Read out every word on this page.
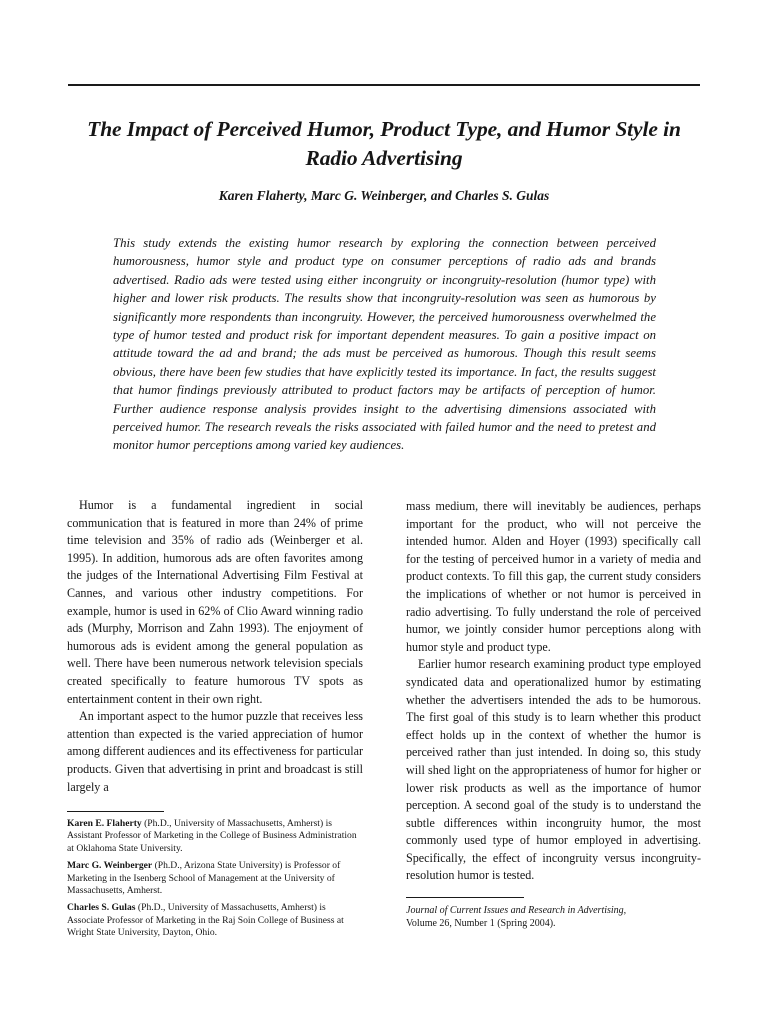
The Impact of Perceived Humor, Product Type, and Humor Style in Radio Advertising
Karen Flaherty, Marc G. Weinberger, and Charles S. Gulas

This study extends the existing humor research by exploring the connection between perceived humorousness, humor style and product type on consumer perceptions of radio ads and brands advertised. Radio ads were tested using either incongruity or incongruity-resolution (humor type) with higher and lower risk products. The results show that incongruity-resolution was seen as humorous by significantly more respondents than incongruity. However, the perceived humorousness overwhelmed the type of humor tested and product risk for important dependent measures. To gain a positive impact on attitude toward the ad and brand; the ads must be perceived as humorous. Though this result seems obvious, there have been few studies that have explicitly tested its importance. In fact, the results suggest that humor findings previously attributed to product factors may be artifacts of perception of humor. Further audience response analysis provides insight to the advertising dimensions associated with perceived humor. The research reveals the risks associated with failed humor and the need to pretest and monitor humor perceptions among varied key audiences.

Humor is a fundamental ingredient in social communication that is featured in more than 24% of prime time television and 35% of radio ads (Weinberger et al. 1995). In addition, humorous ads are often favorites among the judges of the International Advertising Film Festival at Cannes, and various other industry competitions. For example, humor is used in 62% of Clio Award winning radio ads (Murphy, Morrison and Zahn 1993). The enjoyment of humorous ads is evident among the general population as well. There have been numerous network television specials created specifically to feature humorous TV spots as entertainment content in their own right.

An important aspect to the humor puzzle that receives less attention than expected is the varied appreciation of humor among different audiences and its effectiveness for particular products. Given that advertising in print and broadcast is still largely a

mass medium, there will inevitably be audiences, perhaps important for the product, who will not perceive the intended humor. Alden and Hoyer (1993) specifically call for the testing of perceived humor in a variety of media and product contexts. To fill this gap, the current study considers the implications of whether or not humor is perceived in radio advertising. To fully understand the role of perceived humor, we jointly consider humor perceptions along with humor style and product type.

Earlier humor research examining product type employed syndicated data and operationalized humor by estimating whether the advertisers intended the ads to be humorous. The first goal of this study is to learn whether this product effect holds up in the context of whether the humor is perceived rather than just intended. In doing so, this study will shed light on the appropriateness of humor for higher or lower risk products as well as the importance of humor perception. A second goal of the study is to understand the subtle differences within incongruity humor, the most commonly used type of humor employed in advertising. Specifically, the effect of incongruity versus incongruity-resolution humor is tested.

Karen E. Flaherty (Ph.D., University of Massachusetts, Amherst) is Assistant Professor of Marketing in the College of Business Administration at Oklahoma State University.

Marc G. Weinberger (Ph.D., Arizona State University) is Professor of Marketing in the Isenberg School of Management at the University of Massachusetts, Amherst.

Charles S. Gulas (Ph.D., University of Massachusetts, Amherst) is Associate Professor of Marketing in the Raj Soin College of Business at Wright State University, Dayton, Ohio.

Journal of Current Issues and Research in Advertising,
Volume 26, Number 1 (Spring 2004).
